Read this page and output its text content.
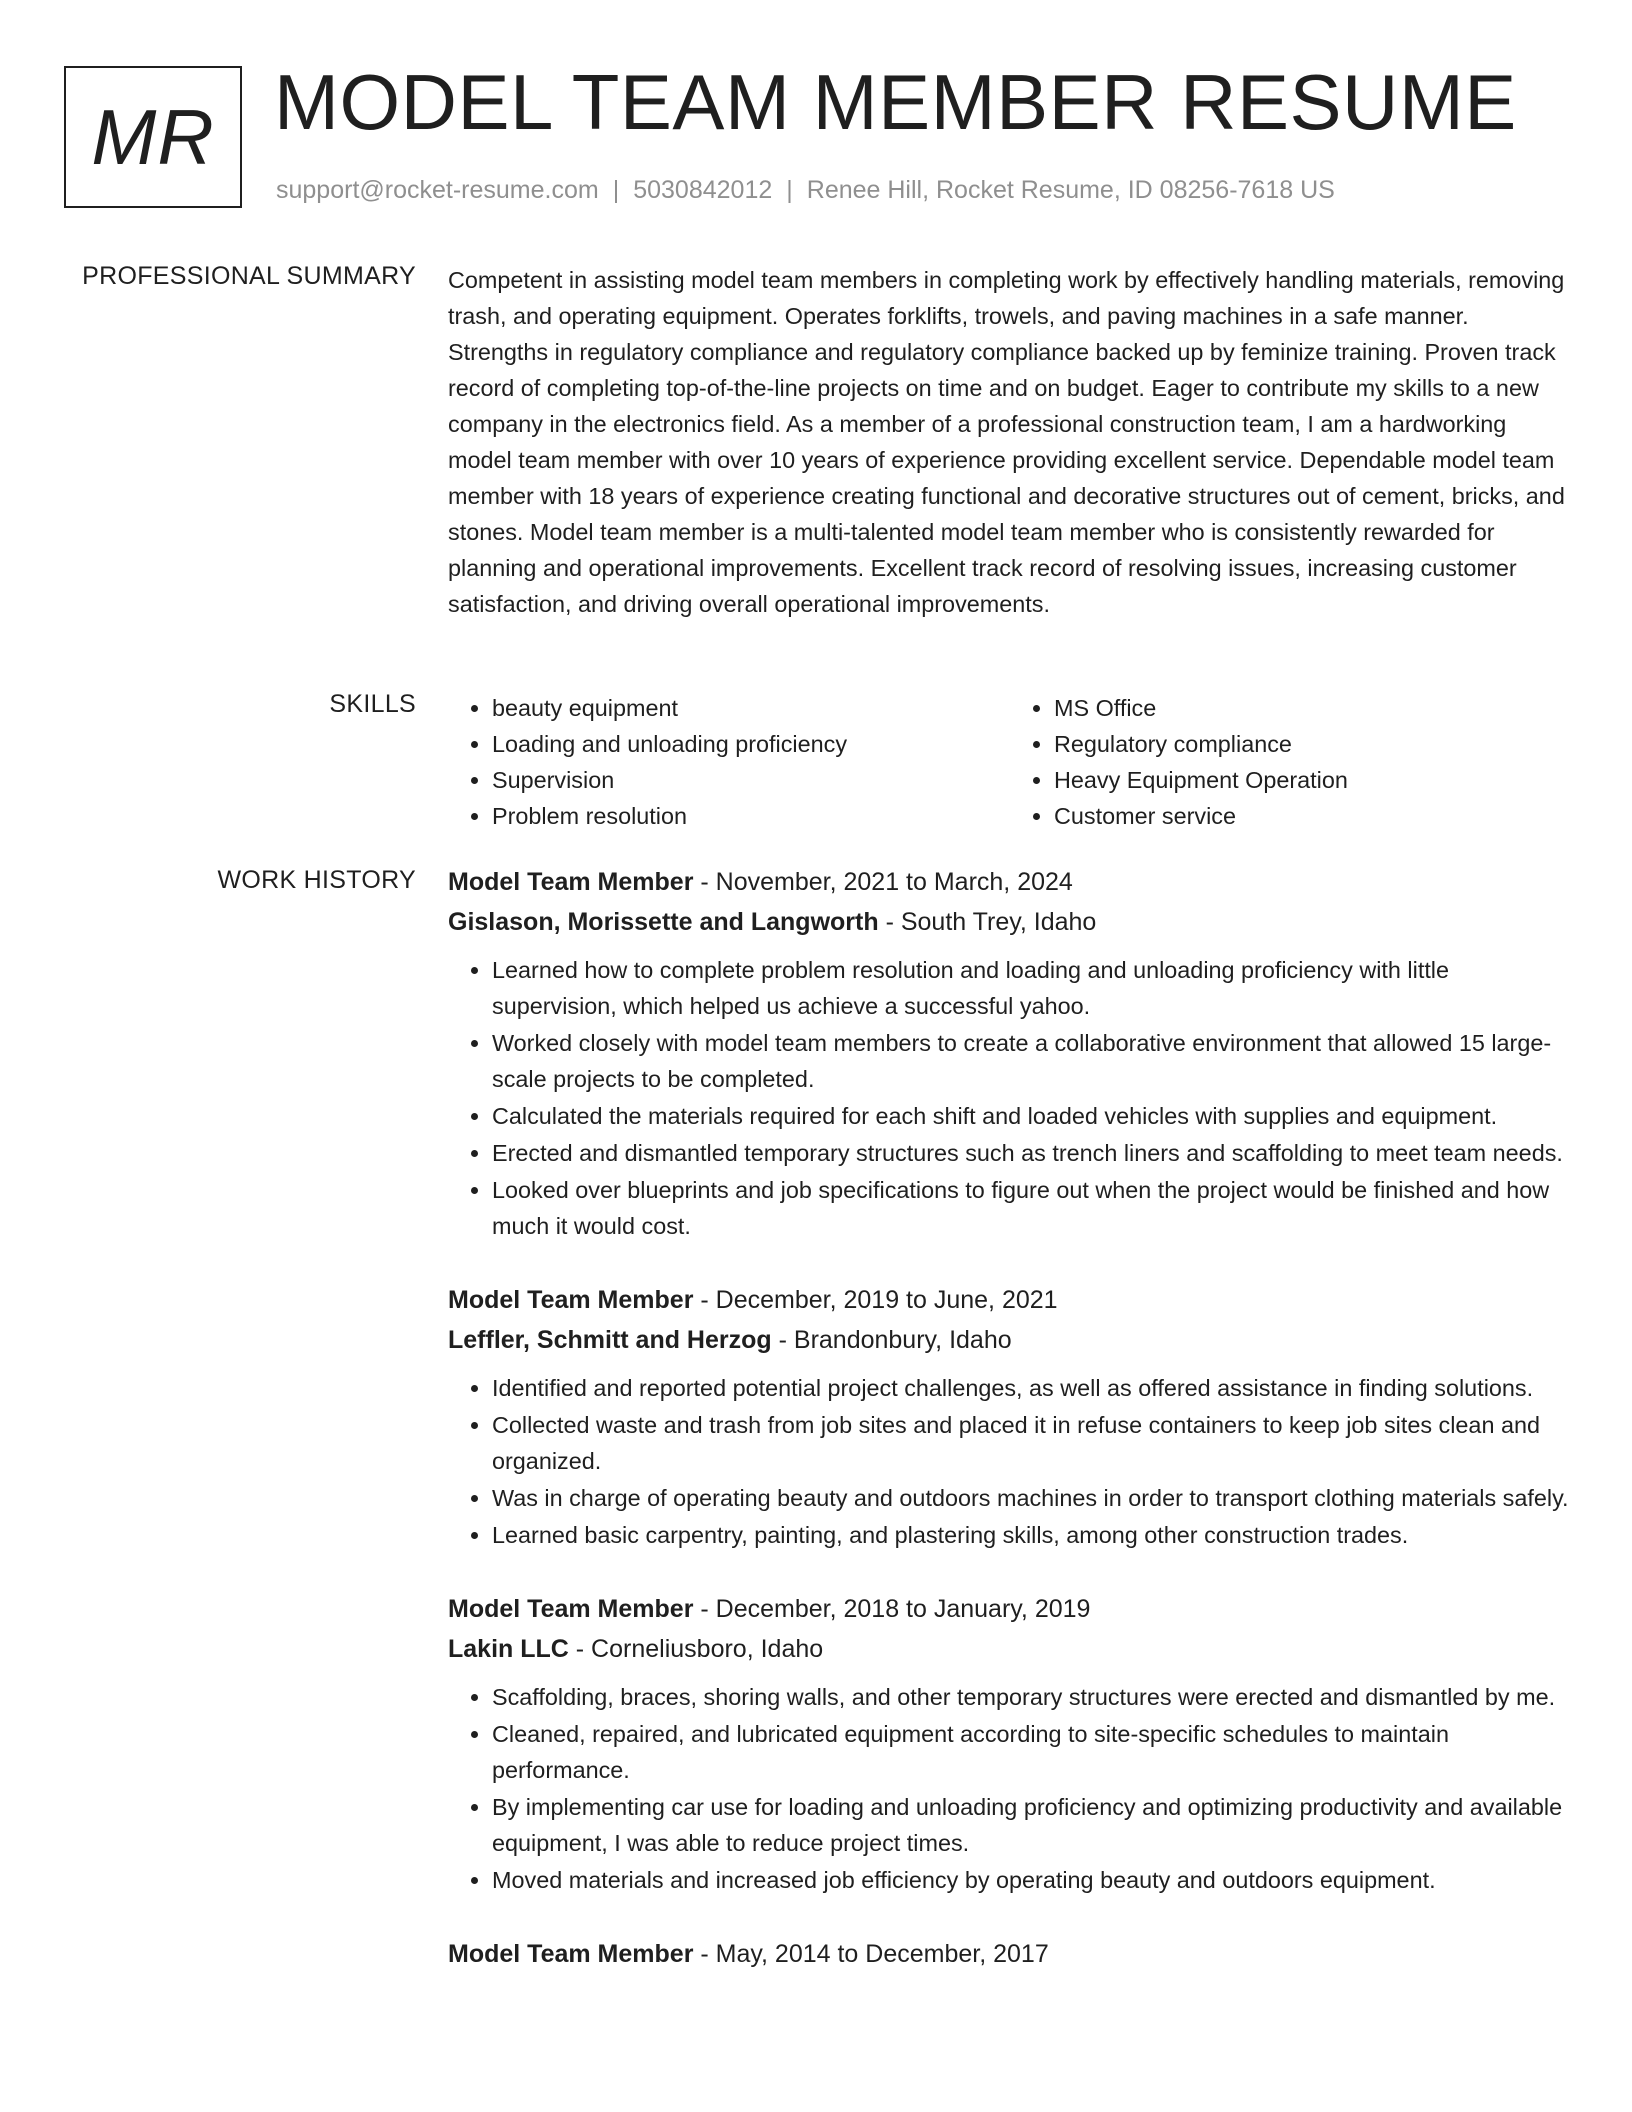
MR MODEL TEAM MEMBER RESUME
support@rocket-resume.com | 5030842012 | Renee Hill, Rocket Resume, ID 08256-7618 US
PROFESSIONAL SUMMARY Competent in assisting model team members in completing work by effectively handling materials, removing trash, and operating equipment. Operates forklifts, trowels, and paving machines in a safe manner. Strengths in regulatory compliance and regulatory compliance backed up by feminize training. Proven track record of completing top-of-the-line projects on time and on budget. Eager to contribute my skills to a new company in the electronics field. As a member of a professional construction team, I am a hardworking model team member with over 10 years of experience providing excellent service. Dependable model team member with 18 years of experience creating functional and decorative structures out of cement, bricks, and stones. Model team member is a multi-talented model team member who is consistently rewarded for planning and operational improvements. Excellent track record of resolving issues, increasing customer satisfaction, and driving overall operational improvements.

SKILLS
•	beauty equipment
• Loading and unloading proficiency
• Supervision
• Problem resolution
• MS Office
• Regulatory compliance
• Heavy Equipment Operation
• Customer service
WORK HISTORY Model Team Member - November, 2021 to March, 2024
Gislason, Morissette and Langworth - South Trey, Idaho
• Learned how to complete problem resolution and loading and unloading proficiency with little supervision, which helped us achieve a successful yahoo.
• Worked closely with model team members to create a collaborative environment that allowed 15 large-scale projects to be completed.
• Calculated the materials required for each shift and loaded vehicles with supplies and equipment.
• Erected and dismantled temporary structures such as trench liners and scaffolding to meet team needs.
• Looked over blueprints and job specifications to figure out when the project would be finished and how much it would cost.
Model Team Member - December, 2019 to June, 2021
Leffler, Schmitt and Herzog - Brandonbury, Idaho
• Identified and reported potential project challenges, as well as offered assistance in finding solutions.
• Collected waste and trash from job sites and placed it in refuse containers to keep job sites clean and organized.
• Was in charge of operating beauty and outdoors machines in order to transport clothing materials safely.
• Learned basic carpentry, painting, and plastering skills, among other construction trades.
Model Team Member - December, 2018 to January, 2019
Lakin LLC - Corneliusboro, Idaho
• Scaffolding, braces, shoring walls, and other temporary structures were erected and dismantled by me.
• Cleaned, repaired, and lubricated equipment according to site-specific schedules to maintain performance.
• By implementing car use for loading and unloading proficiency and optimizing productivity and available equipment, I was able to reduce project times.
• Moved materials and increased job efficiency by operating beauty and outdoors equipment.
Model Team Member - May, 2014 to December, 2017
